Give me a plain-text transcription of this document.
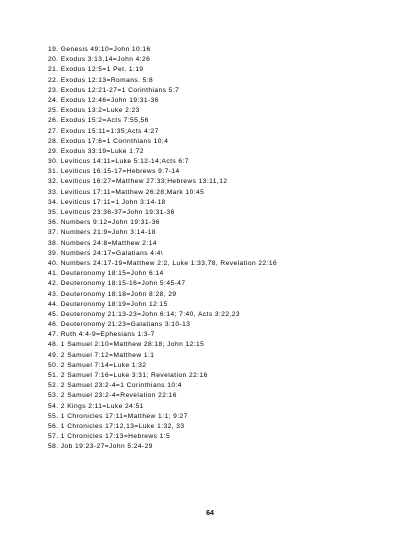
19. Genesis 49:10=John 10:16
20. Exodus 3:13,14=John 4:26
21. Exodus 12:5=1 Pet. 1:19
22. Exodus 12:13=Romans. 5:8
23. Exodus 12:21-27=1 Corinthians 5:7
24. Exodus 12:46=John 19:31-36
25. Exodus 13:2=Luke 2:23
26. Exodus 15:2=Acts 7:55,56
27. Exodus 15:11=1:35;Acts 4:27
28. Exodus 17:6=1 Corinthians 10;4
29. Exodus 33:19=Luke 1:72
30. Leviticus 14:11=Luke 5:12-14;Acts 6:7
31. Leviticus 16:15-17=Hebrews 9:7-14
32. Leviticus 16:27=Matthew 27:33;Hebrews 13:11,12
33. Leviticus 17:11=Matthew 26:28;Mark 10:45
34. Leviticus 17:11=1 John 3:14-18
35. Leviticus 23:36-37=John 19:31-36
36. Numbers 9:12=John 19:31-36
37. Numbers 21:9=John 3:14-18
38. Numbers 24:8=Matthew 2:14
39. Numbers 24:17=Galatians 4:4\
40. Numbers 24:17-19=Matthew 2:2, Luke 1:33,78, Revelation 22:16
41. Deuteronomy 18:15=John 6:14
42. Deuteronomy 18:15-16=John 5:45-47
43. Deuteronomy 18:18=John 8:28, 29
44. Deuteronomy 18:19=John 12:15
45. Deuteronomy 21:13-23=John 6:14; 7:40, Acts 3:22,23
46. Deuteronomy 21:23=Galatians 3:10-13
47. Ruth 4:4-9=Ephesians 1:3-7
48. 1 Samuel 2:10=Matthew 28:18; John 12:15
49. 2 Samuel 7:12=Matthew 1:1
50. 2 Samuel 7:14=Luke 1:32
51. 2 Samuel 7:16=Luke 3:31; Revelation 22:16
52. 2 Samuel 23:2-4=1 Corinthians 10:4
53. 2 Samuel 23:2-4=Revelation 22:16
54. 2 Kings 2:11=Luke 24:51
55. 1 Chronicles 17:11=Matthew 1:1; 9:27
56. 1 Chronicles 17:12,13=Luke 1:32, 33
57. 1 Chronicles 17:13=Hebrews 1:5
58. Job 19:23-27=John 5:24-29
64
